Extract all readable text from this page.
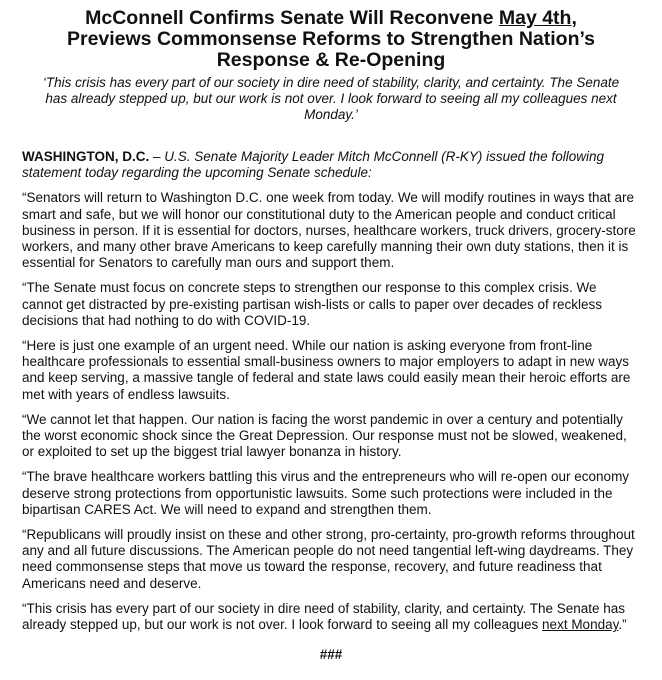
McConnell Confirms Senate Will Reconvene May 4th,
Previews Commonsense Reforms to Strengthen Nation’s
Response & Re-Opening

‘This crisis has every part of our society in dire need of stability, clarity, and certainty. The Senate has already stepped up, but our work is not over. I look forward to seeing all my colleagues next Monday.’

WASHINGTON, D.C. – U.S. Senate Majority Leader Mitch McConnell (R-KY) issued the following statement today regarding the upcoming Senate schedule:

“Senators will return to Washington D.C. one week from today. We will modify routines in ways that are smart and safe, but we will honor our constitutional duty to the American people and conduct critical business in person. If it is essential for doctors, nurses, healthcare workers, truck drivers, grocery-store workers, and many other brave Americans to keep carefully manning their own duty stations, then it is essential for Senators to carefully man ours and support them.

“The Senate must focus on concrete steps to strengthen our response to this complex crisis. We cannot get distracted by pre-existing partisan wish-lists or calls to paper over decades of reckless decisions that had nothing to do with COVID-19.

“Here is just one example of an urgent need. While our nation is asking everyone from front-line healthcare professionals to essential small-business owners to major employers to adapt in new ways and keep serving, a massive tangle of federal and state laws could easily mean their heroic efforts are met with years of endless lawsuits.

“We cannot let that happen. Our nation is facing the worst pandemic in over a century and potentially the worst economic shock since the Great Depression. Our response must not be slowed, weakened, or exploited to set up the biggest trial lawyer bonanza in history.

“The brave healthcare workers battling this virus and the entrepreneurs who will re-open our economy deserve strong protections from opportunistic lawsuits. Some such protections were included in the bipartisan CARES Act. We will need to expand and strengthen them.

“Republicans will proudly insist on these and other strong, pro-certainty, pro-growth reforms throughout any and all future discussions. The American people do not need tangential left-wing daydreams. They need commonsense steps that move us toward the response, recovery, and future readiness that Americans need and deserve.

“This crisis has every part of our society in dire need of stability, clarity, and certainty. The Senate has already stepped up, but our work is not over. I look forward to seeing all my colleagues next Monday.”

###
